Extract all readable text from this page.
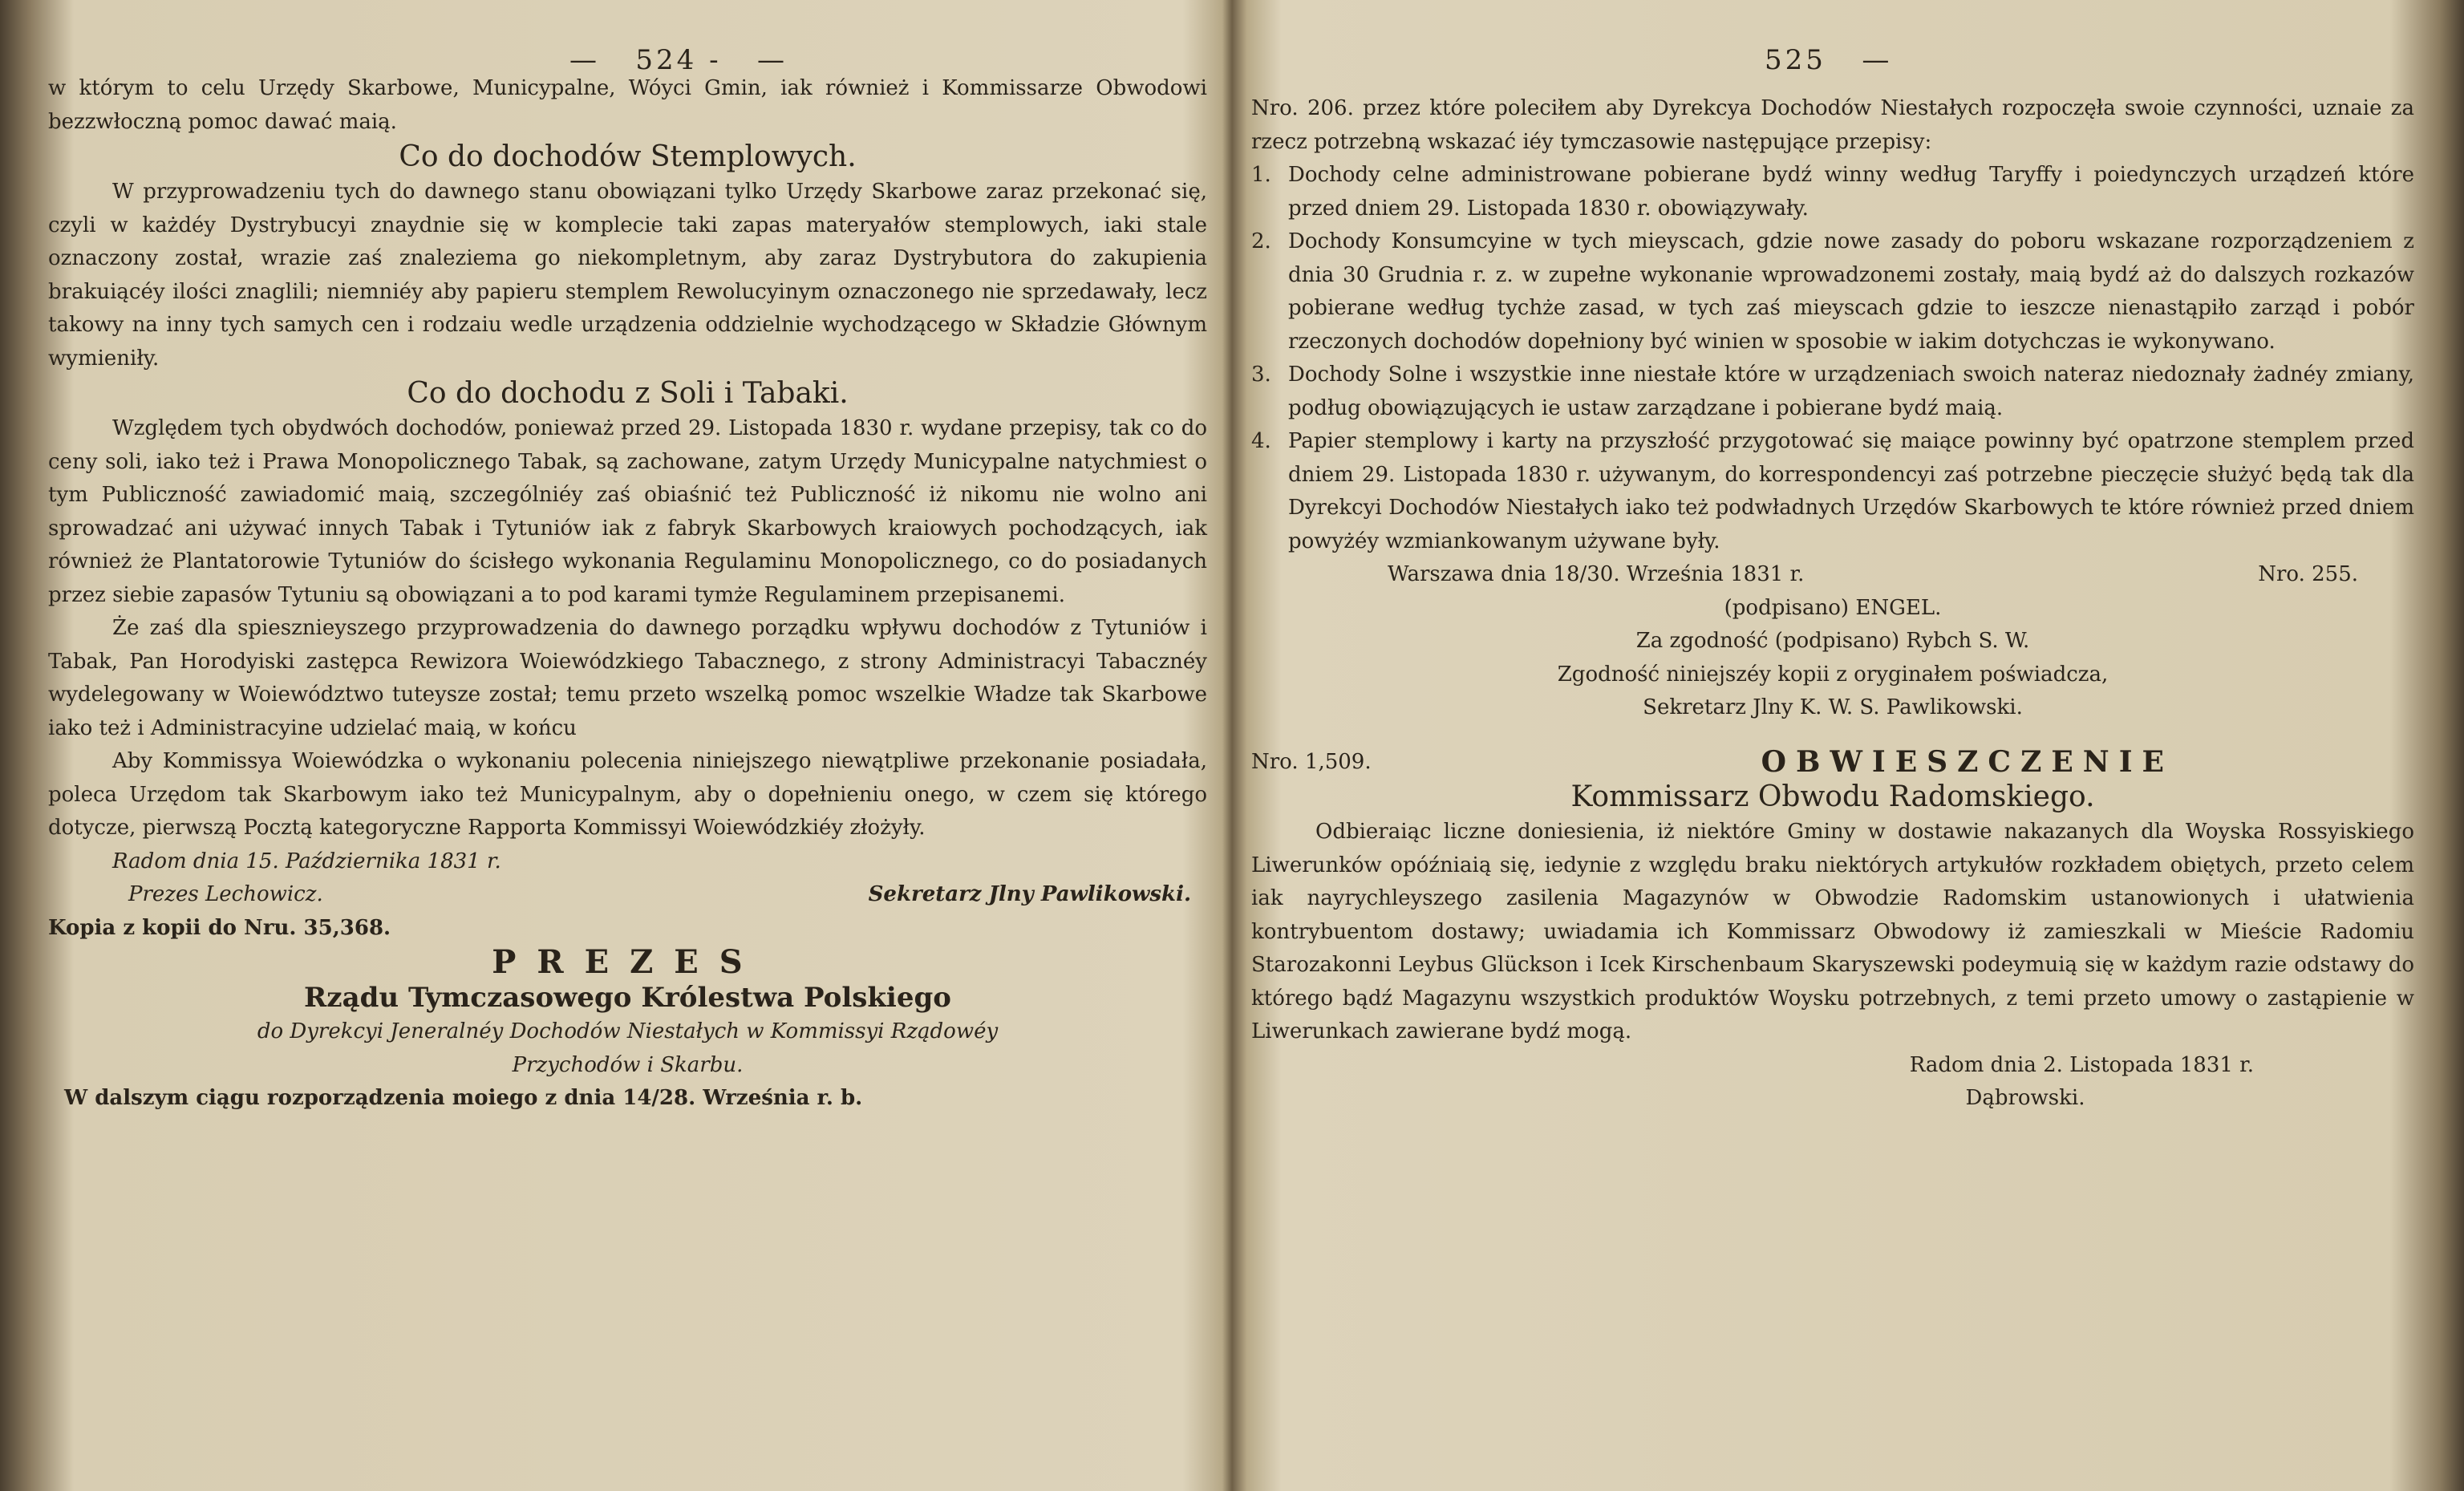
—   524 -   —

w którym to celu Urzędy Skarbowe, Municypalne, Wóyci Gmin, iak również i Kommissarze Obwodowi bezzwłoczną pomoc dawać maią.

Co do dochodów Stemplowych.

W przyprowadzeniu tych do dawnego stanu obowiązani tylko Urzędy Skarbowe zaraz przekonać się, czyli w każdéy Dystrybucyi znaydnie się w komplecie taki zapas materyałów stemplowych, iaki stale oznaczony został, wrazie zaś znaleziema go niekompletnym, aby zaraz Dystrybutora do zakupienia brakuiącéy ilości znaglili; niemniéy aby papieru stemplem Rewolucyinym oznaczonego nie sprzedawały, lecz takowy na inny tych samych cen i rodzaiu wedle urządzenia oddzielnie wychodzącego w Składzie Głównym wymieniły.

Co do dochodu z Soli i Tabaki.

Względem tych obydwóch dochodów, ponieważ przed 29. Listopada 1830 r. wydane przepisy, tak co do ceny soli, iako też i Prawa Monopolicznego Tabak, są zachowane, zatym Urzędy Municypalne natychmiest o tym Publiczność zawiadomić maią, szczególniéy zaś obiaśnić też Publiczność iż nikomu nie wolno ani sprowadzać ani używać innych Tabak i Tytuniów iak z fabryk Skarbowych kraiowych pochodzących, iak również że Plantatorowie Tytuniów do ścisłego wykonania Regulaminu Monopolicznego, co do posiadanych przez siebie zapasów Tytuniu są obowiązani a to pod karami tymże Regulaminem przepisanemi.

Że zaś dla spiesznieyszego przyprowadzenia do dawnego porządku wpływu dochodów z Tytuniów i Tabak, Pan Horodyiski zastępca Rewizora Woiewódzkiego Tabacznego, z strony Administracyi Tabacznéy wydelegowany w Woiewództwo tuteysze został; temu przeto wszelką pomoc wszelkie Władze tak Skarbowe iako też i Administracyine udzielać maią, w końcu

Aby Kommissya Woiewódzka o wykonaniu polecenia niniejszego niewątpliwe przekonanie posiadała, poleca Urzędom tak Skarbowym iako też Municypalnym, aby o dopełnieniu onego, w czem się którego dotycze, pierwszą Pocztą kategoryczne Rapporta Kommissyi Woiewódzkiéy złożyły.

Radom dnia 15. Października 1831 r.

Prezes Lechowicz.	Sekretarz Jlny Pawlikowski.

Kopia z kopii do Nru. 35,368.

PREZES

Rządu Tymczasowego Królestwa Polskiego

do Dyrekcyi Jeneralnéy Dochodów Niestałych w Kommissyi Rządowéy

Przychodów i Skarbu.

W dalszym ciągu rozporządzenia moiego z dnia 14/28. Września r. b.

525   —

Nro. 206. przez które poleciłem aby Dyrekcya Dochodów Niestałych rozpoczęła swoie czynności, uznaie za rzecz potrzebną wskazać iéy tymczasowie następujące przepisy:

1. Dochody celne administrowane pobierane bydź winny według Taryffy i poiedynczych urządzeń które przed dniem 29. Listopada 1830 r. obowiązywały.
2. Dochody Konsumcyine w tych mieyscach, gdzie nowe zasady do poboru wskazane rozporządzeniem z dnia 30 Grudnia r. z. w zupełne wykonanie wprowadzonemi zostały, maią bydź aż do dalszych rozkazów pobierane według tychże zasad, w tych zaś mieyscach gdzie to ieszcze nienastąpiło zarząd i pobór rzeczonych dochodów dopełniony być winien w sposobie w iakim dotychczas ie wykonywano.
3. Dochody Solne i wszystkie inne niestałe które w urządzeniach swoich nateraz niedoznały żadnéy zmiany, podług obowiązujących ie ustaw zarządzane i pobierane bydź maią.
4. Papier stemplowy i karty na przyszłość przygotować się maiące powinny być opatrzone stemplem przed dniem 29. Listopada 1830 r. używanym, do korrespondencyi zaś potrzebne pieczęcie służyć będą tak dla Dyrekcyi Dochodów Niestałych iako też podwładnych Urzędów Skarbowych te które również przed dniem powyżéy wzmiankowanym używane były.
Warszawa dnia 18/30. Września 1831 r.	Nro. 255.

(podpisano) ENGEL.

Za zgodność (podpisano) Rybch S. W.

Zgodność niniejszéy kopii z oryginałem poświadcza,

Sekretarz Jlny K. W. S. Pawlikowski.

Nro. 1,509.	OBWIESZCZENIE

Kommissarz Obwodu Radomskiego.

Odbieraiąc liczne doniesienia, iż niektóre Gminy w dostawie nakazanych dla Woyska Rossyiskiego Liwerunków opóźniaią się, iedynie z względu braku niektórych artykułów rozkładem obiętych, przeto celem iak nayrychleyszego zasilenia Magazynów w Obwodzie Radomskim ustanowionych i ułatwienia kontrybuentom dostawy; uwiadamia ich Kommissarz Obwodowy iż zamieszkali w Mieście Radomiu Starozakonni Leybus Glückson i Icek Kirschenbaum Skaryszewski podeymuią się w każdym razie odstawy do którego bądź Magazynu wszystkich produktów Woysku potrzebnych, z temi przeto umowy o zastąpienie w Liwerunkach zawierane bydź mogą.

Radom dnia 2. Listopada 1831 r.

Dąbrowski.
